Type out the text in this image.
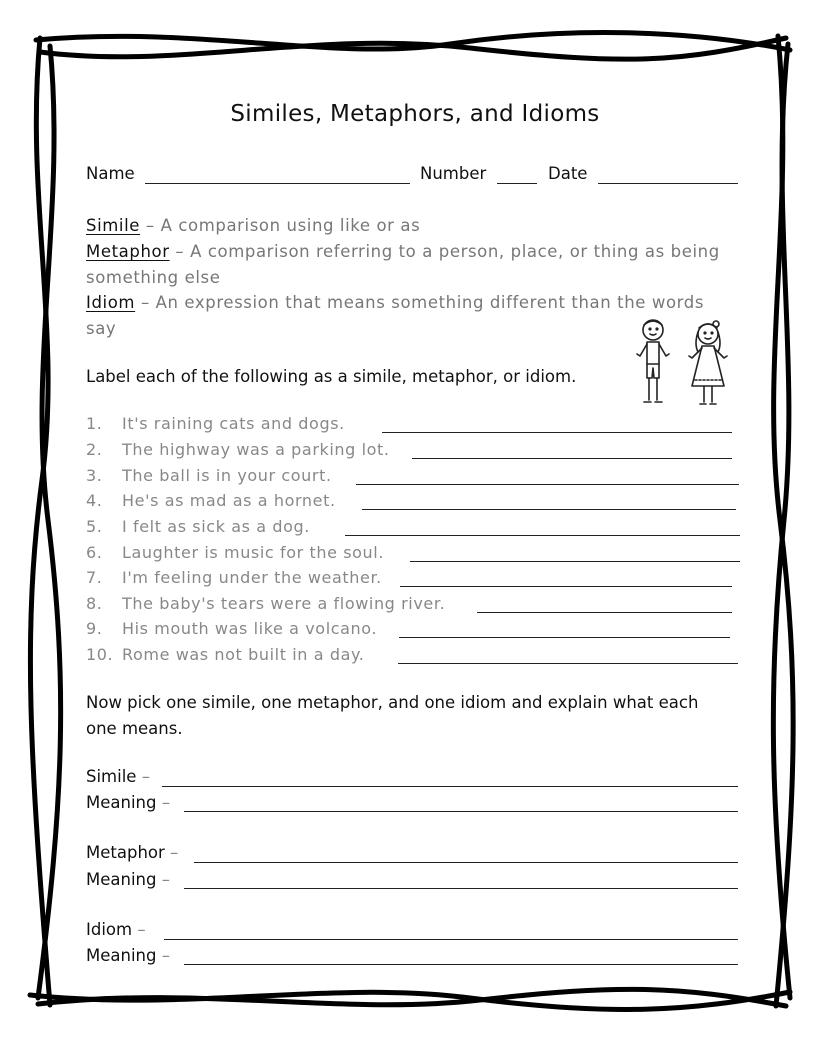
Similes, Metaphors, and Idioms
Name	Number	Date
Simile – A comparison using like or as
Metaphor – A comparison referring to a person, place, or thing as being
something else
Idiom – An expression that means something different than the words
say
Label each of the following as a simile, metaphor, or idiom.
1. It's raining cats and dogs.
2. The highway was a parking lot.
3. The ball is in your court.
4. He's as mad as a hornet.
5. I felt as sick as a dog.
6. Laughter is music for the soul.
7. I'm feeling under the weather.
8. The baby's tears were a flowing river.
9. His mouth was like a volcano.
10. Rome was not built in a day.
Now pick one simile, one metaphor, and one idiom and explain what each
one means.
Simile –
Meaning –
Metaphor –
Meaning –
Idiom –
Meaning –
